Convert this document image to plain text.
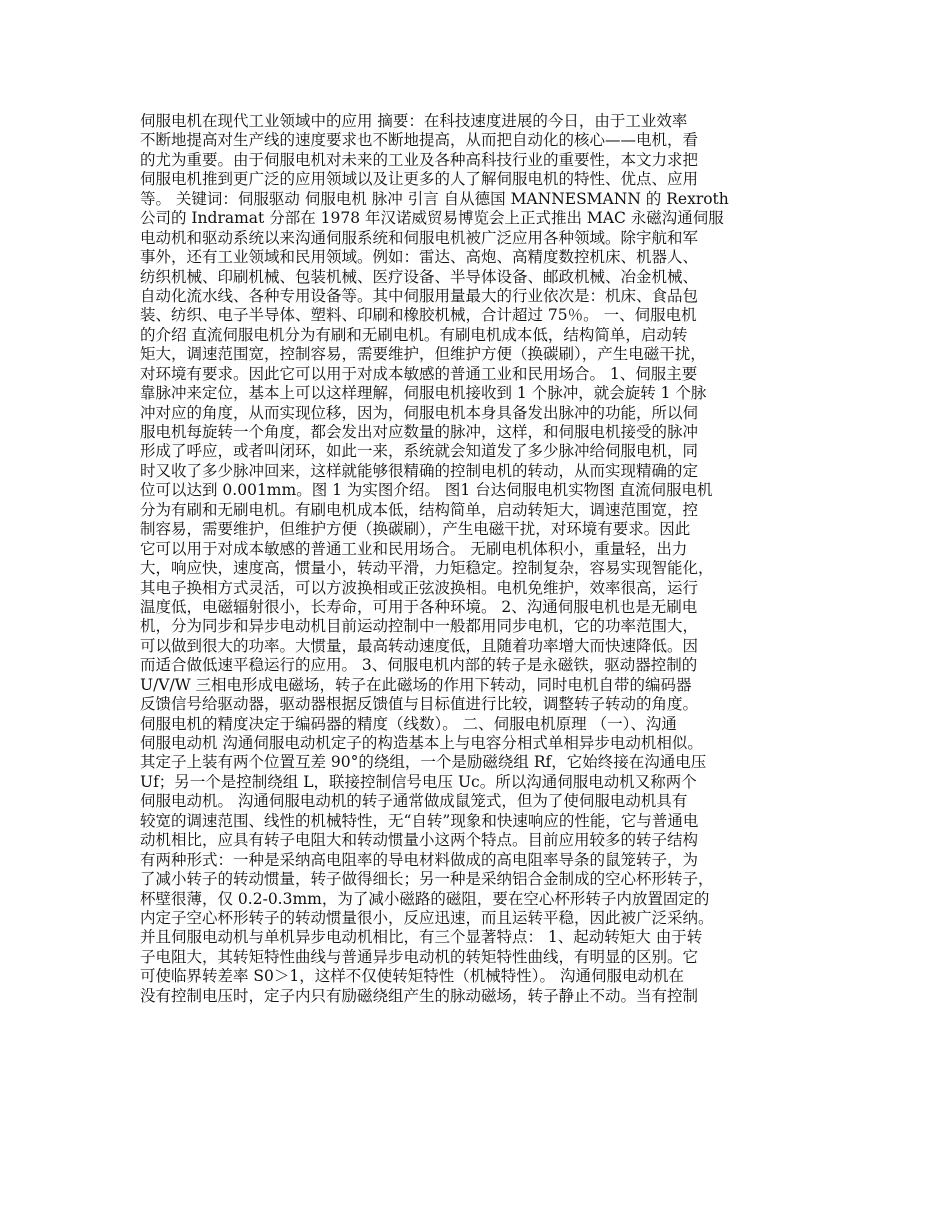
伺服电机在现代工业领域中的应用 摘要：在科技速度进展的今日，由于工业效率
不断地提高对生产线的速度要求也不断地提高，从而把自动化的核心——电机，看
的尤为重要。由于伺服电机对未来的工业及各种高科技行业的重要性，本文力求把
伺服电机推到更广泛的应用领域以及让更多的人了解伺服电机的特性、优点、应用
等。 关键词：伺服驱动 伺服电机 脉冲 引言 自从德国 MANNESMANN 的 Rexroth
公司的 Indramat 分部在 1978 年汉诺威贸易博览会上正式推出 MAC 永磁沟通伺服
电动机和驱动系统以来沟通伺服系统和伺服电机被广泛应用各种领域。除宇航和军
事外，还有工业领域和民用领域。例如：雷达、高炮、高精度数控机床、机器人、
纺织机械、印刷机械、包装机械、医疗设备、半导体设备、邮政机械、冶金机械、
自动化流水线、各种专用设备等。其中伺服用量最大的行业依次是：机床、食品包
装、纺织、电子半导体、塑料、印刷和橡胶机械，合计超过 75％。 一、伺服电机
的介绍 直流伺服电机分为有刷和无刷电机。有刷电机成本低，结构简单，启动转
矩大，调速范围宽，控制容易，需要维护，但维护方便（换碳刷），产生电磁干扰，
对环境有要求。因此它可以用于对成本敏感的普通工业和民用场合。 1、伺服主要
靠脉冲来定位，基本上可以这样理解，伺服电机接收到 1 个脉冲，就会旋转 1 个脉
冲对应的角度，从而实现位移，因为，伺服电机本身具备发出脉冲的功能，所以伺
服电机每旋转一个角度，都会发出对应数量的脉冲，这样，和伺服电机接受的脉冲
形成了呼应，或者叫闭环，如此一来，系统就会知道发了多少脉冲给伺服电机，同
时又收了多少脉冲回来，这样就能够很精确的控制电机的转动，从而实现精确的定
位可以达到 0.001mm。图 1 为实图介绍。 图1 台达伺服电机实物图 直流伺服电机
分为有刷和无刷电机。有刷电机成本低，结构简单，启动转矩大，调速范围宽，控
制容易，需要维护，但维护方便（换碳刷），产生电磁干扰，对环境有要求。因此
它可以用于对成本敏感的普通工业和民用场合。 无刷电机体积小，重量轻，出力
大，响应快，速度高，惯量小，转动平滑，力矩稳定。控制复杂，容易实现智能化，
其电子换相方式灵活，可以方波换相或正弦波换相。电机免维护，效率很高，运行
温度低，电磁辐射很小，长寿命，可用于各种环境。 2、沟通伺服电机也是无刷电
机，分为同步和异步电动机目前运动控制中一般都用同步电机，它的功率范围大，
可以做到很大的功率。大惯量，最高转动速度低，且随着功率增大而快速降低。因
而适合做低速平稳运行的应用。 3、伺服电机内部的转子是永磁铁，驱动器控制的
U/V/W 三相电形成电磁场，转子在此磁场的作用下转动，同时电机自带的编码器
反馈信号给驱动器，驱动器根据反馈值与目标值进行比较，调整转子转动的角度。
伺服电机的精度决定于编码器的精度（线数）。 二、伺服电机原理 （一）、沟通
伺服电动机 沟通伺服电动机定子的构造基本上与电容分相式单相异步电动机相似。
其定子上装有两个位置互差 90°的绕组，一个是励磁绕组 Rf，它始终接在沟通电压
Uf；另一个是控制绕组 L，联接控制信号电压 Uc。所以沟通伺服电动机又称两个
伺服电动机。 沟通伺服电动机的转子通常做成鼠笼式，但为了使伺服电动机具有
较宽的调速范围、线性的机械特性，无“自转”现象和快速响应的性能，它与普通电
动机相比，应具有转子电阻大和转动惯量小这两个特点。目前应用较多的转子结构
有两种形式：一种是采纳高电阻率的导电材料做成的高电阻率导条的鼠笼转子，为
了减小转子的转动惯量，转子做得细长；另一种是采纳铝合金制成的空心杯形转子，
杯壁很薄，仅 0.2-0.3mm，为了减小磁路的磁阻，要在空心杯形转子内放置固定的
内定子空心杯形转子的转动惯量很小，反应迅速，而且运转平稳，因此被广泛采纳。
并且伺服电动机与单机异步电动机相比，有三个显著特点： 1、起动转矩大 由于转
子电阻大，其转矩特性曲线与普通异步电动机的转矩特性曲线，有明显的区别。它
可使临界转差率 S0＞1，这样不仅使转矩特性（机械特性）。 沟通伺服电动机在
没有控制电压时，定子内只有励磁绕组产生的脉动磁场，转子静止不动。当有控制
